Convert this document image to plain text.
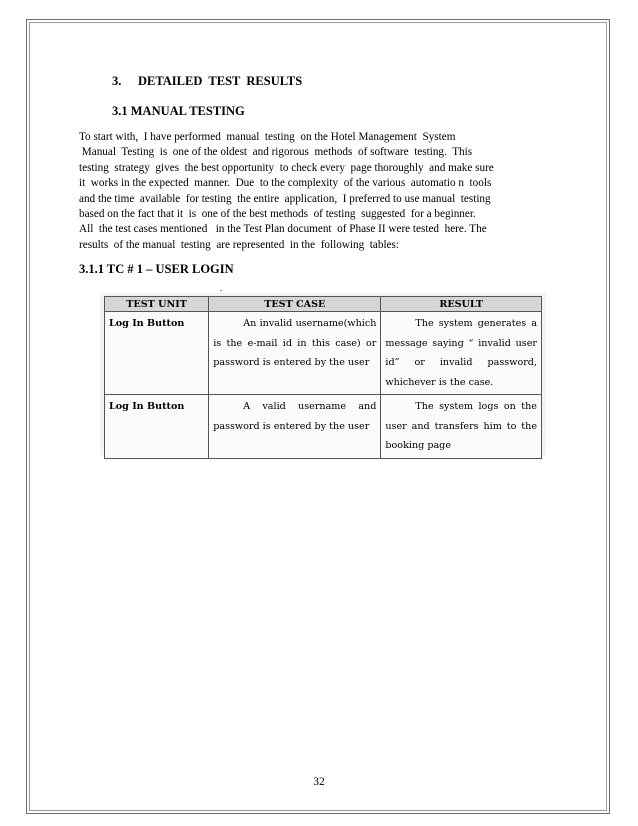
3. DETAILED  TEST  RESULTS
3.1 MANUAL TESTING
To start with,  I have performed  manual  testing  on the Hotel Management  System
Manual  Testing  is  one of the oldest  and rigorous  methods  of software  testing.  This
testing  strategy  gives  the best opportunity  to check every  page thoroughly  and make sure
it  works in the expected  manner.  Due  to the complexity  of the various  automatio n  tools
and the time  available  for testing  the entire  application,  I preferred to use manual  testing
based on the fact that it  is  one of the best methods  of testing  suggested  for a beginner.
All  the test cases mentioned   in the Test Plan document  of Phase II were tested  here. The
results  of the manual  testing  are represented  in the  following  tables:
3.1.1 TC # 1 – USER LOGIN
TEST UNIT	TEST CASE	RESULT
Log In Button	An invalid username(which is the e-mail id in this case) or password is entered by the user	The system generates a message saying “ invalid user id” or invalid password, whichever is the case.
Log In Button	A valid username and password is entered by the user	The system logs on the user and transfers him to the booking page
32
